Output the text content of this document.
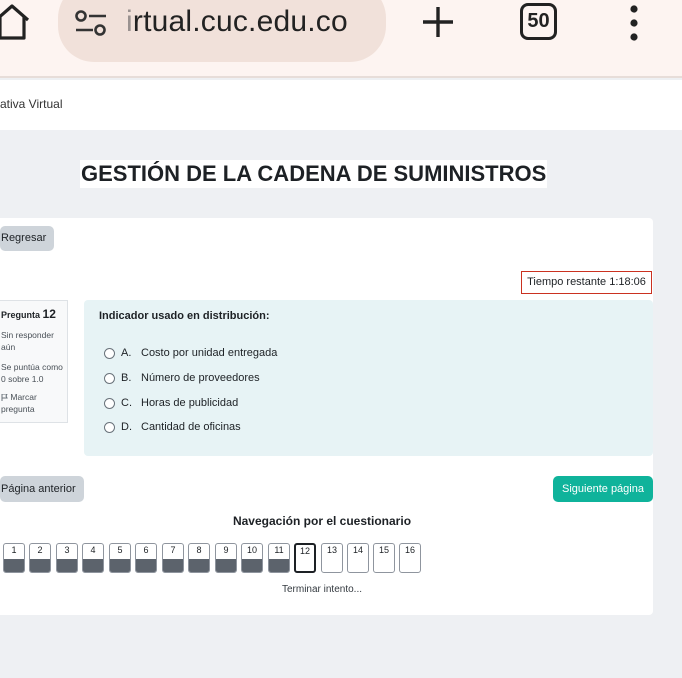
irtual.cuc.edu.co	50
ativa Virtual
GESTIÓN DE LA CADENA DE SUMINISTROS
Regresar
Tiempo restante 1:18:06
Pregunta 12

Sin responder
aún

Se puntúa como
0 sobre 1.0

Marcar
pregunta
Indicador usado en distribución:
A. Costo por unidad entregada
B. Número de proveedores
C. Horas de publicidad
D. Cantidad de oficinas
Página anterior	Siguiente página
Navegación por el cuestionario
1	2	3	4	5	6	7	8	9	10	11	12	13	14	15	16
Terminar intento...
